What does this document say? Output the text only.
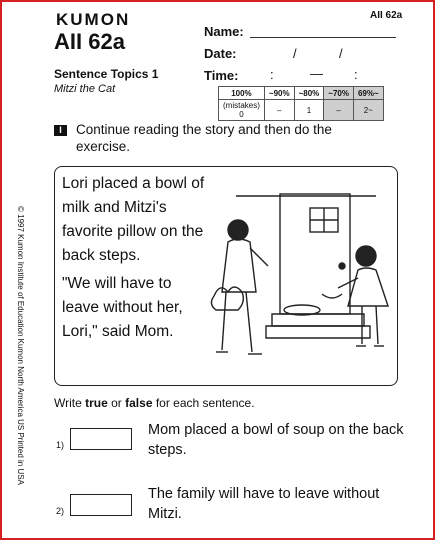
KUMON	AII 62a
AII 62a	Name:
Date:	/	/
Time: :	— :
Sentence Topics 1
Mitzi the Cat	100%	~90%	~80%	~70%	69%~
(mistakes) 0	–	1	–	2~
I	Continue reading the story and then do the exercise.

Lori placed a bowl of milk and Mitzi's favorite pillow on the back steps.

"We will have to leave without her, Lori," said Mom.

© 1997 Kumon Institute of Education Kumon North America US Printed in USA Write true or false for each sentence.
1)
Mom placed a bowl of soup on the back steps.
2)
The family will have to leave without Mitzi.
